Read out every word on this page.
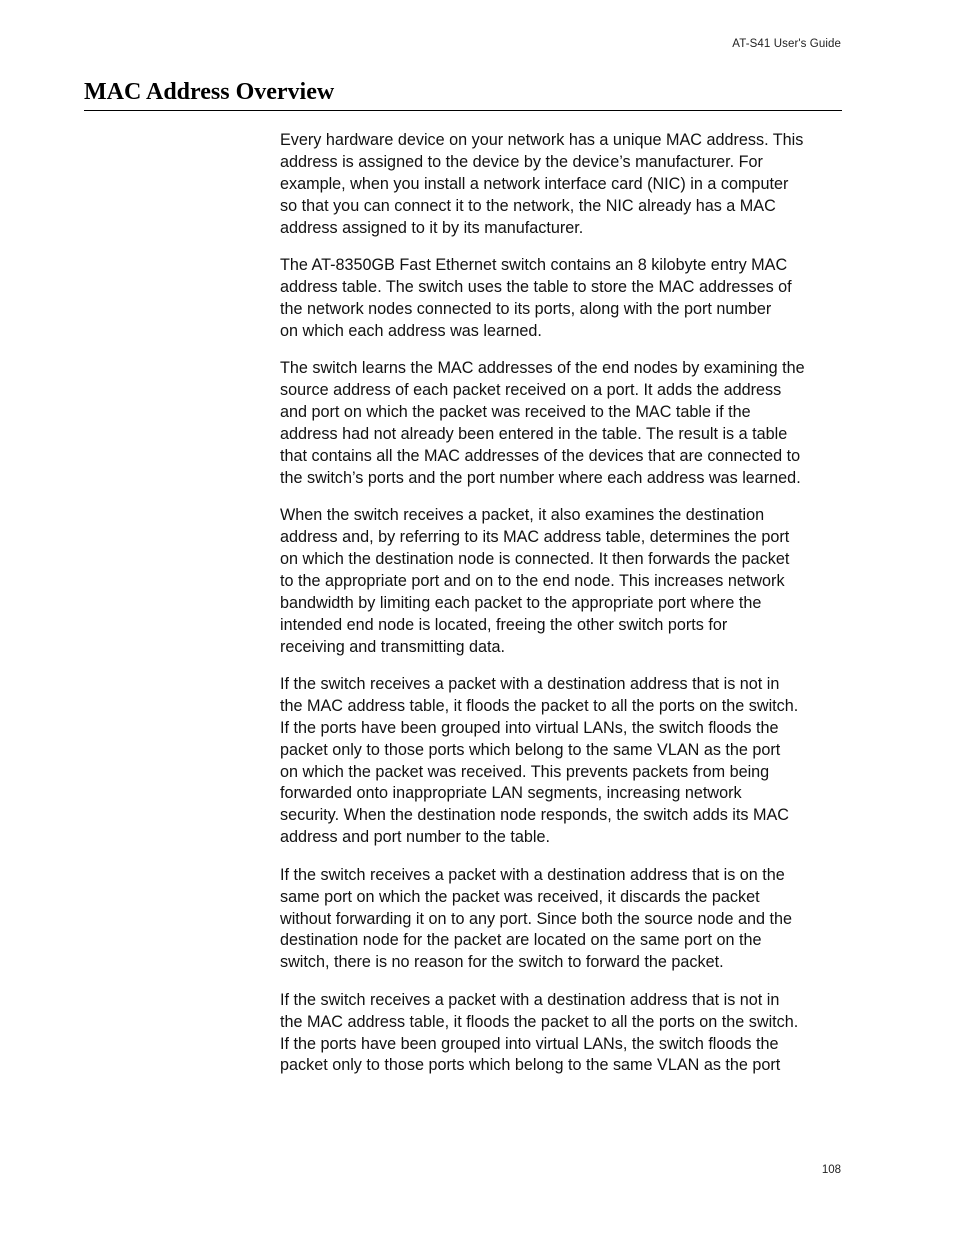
AT-S41 User's Guide
MAC Address Overview

Every hardware device on your network has a unique MAC address. This
address is assigned to the device by the device’s manufacturer. For
example, when you install a network interface card (NIC) in a computer
so that you can connect it to the network, the NIC already has a MAC
address assigned to it by its manufacturer.

The AT-8350GB Fast Ethernet switch contains an 8 kilobyte entry MAC
address table. The switch uses the table to store the MAC addresses of
the network nodes connected to its ports, along with the port number
on which each address was learned.

The switch learns the MAC addresses of the end nodes by examining the
source address of each packet received on a port. It adds the address
and port on which the packet was received to the MAC table if the
address had not already been entered in the table. The result is a table
that contains all the MAC addresses of the devices that are connected to
the switch’s ports and the port number where each address was learned.

When the switch receives a packet, it also examines the destination
address and, by referring to its MAC address table, determines the port
on which the destination node is connected. It then forwards the packet
to the appropriate port and on to the end node. This increases network
bandwidth by limiting each packet to the appropriate port where the
intended end node is located, freeing the other switch ports for
receiving and transmitting data.

If the switch receives a packet with a destination address that is not in
the MAC address table, it floods the packet to all the ports on the switch.
If the ports have been grouped into virtual LANs, the switch floods the
packet only to those ports which belong to the same VLAN as the port
on which the packet was received. This prevents packets from being
forwarded onto inappropriate LAN segments, increasing network
security. When the destination node responds, the switch adds its MAC
address and port number to the table.

If the switch receives a packet with a destination address that is on the
same port on which the packet was received, it discards the packet
without forwarding it on to any port. Since both the source node and the
destination node for the packet are located on the same port on the
switch, there is no reason for the switch to forward the packet.

If the switch receives a packet with a destination address that is not in
the MAC address table, it floods the packet to all the ports on the switch.
If the ports have been grouped into virtual LANs, the switch floods the
packet only to those ports which belong to the same VLAN as the port

108
